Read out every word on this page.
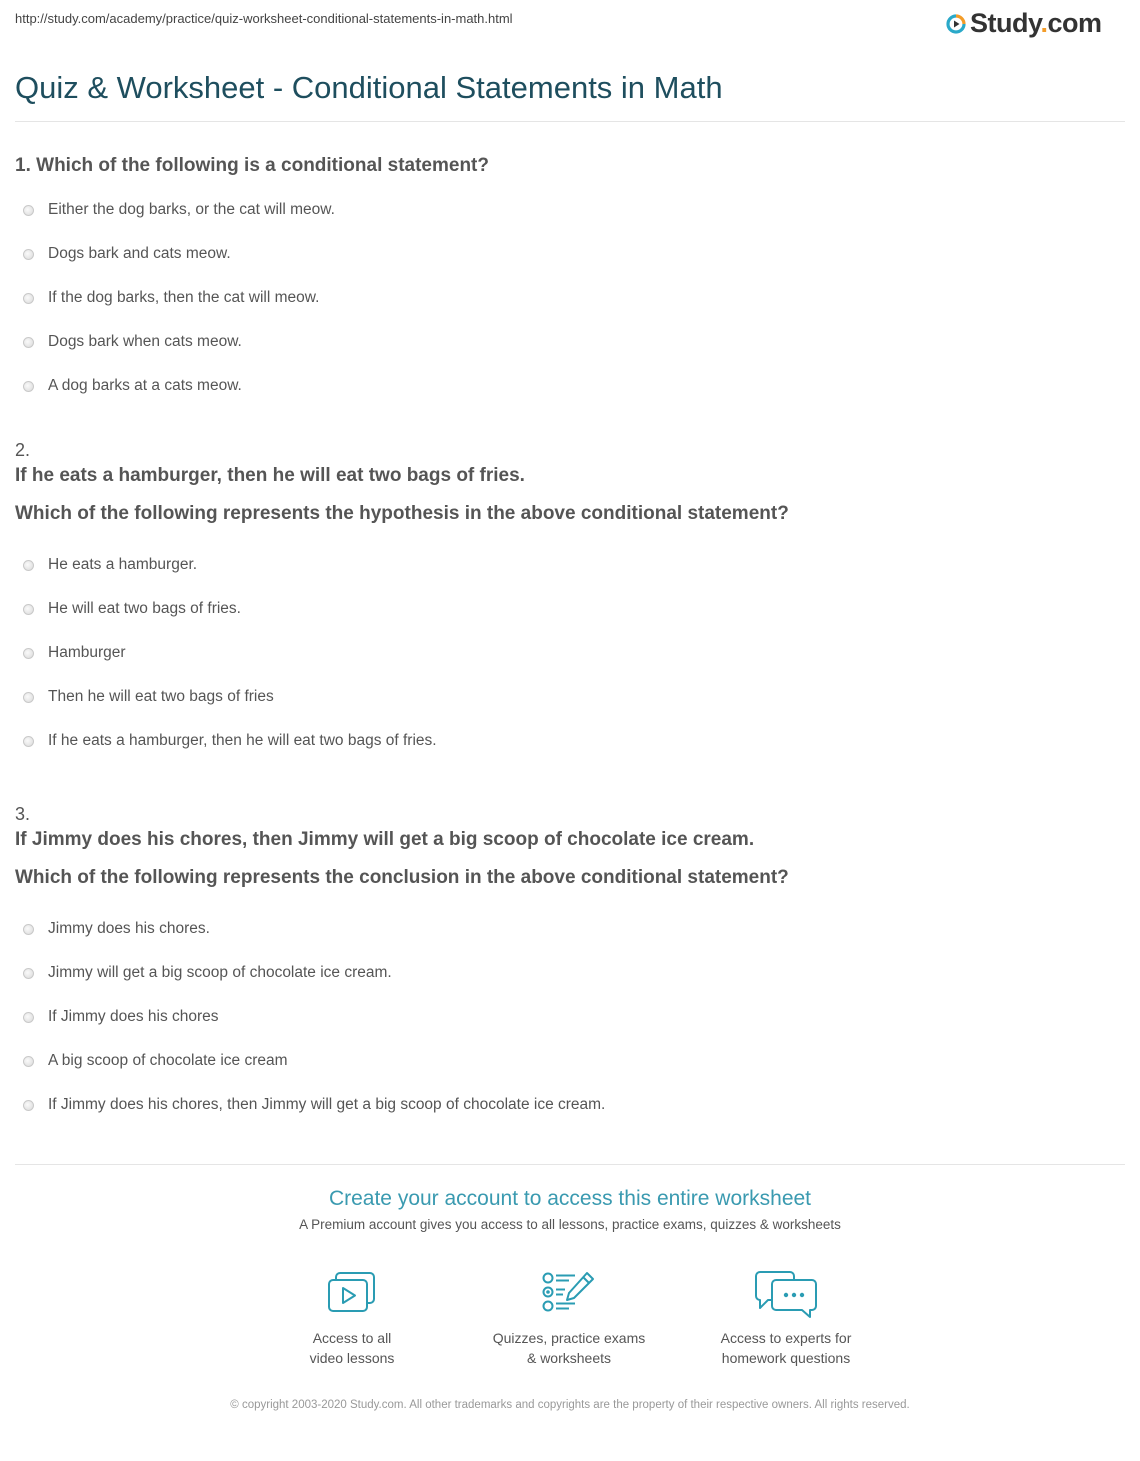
http://study.com/academy/practice/quiz-worksheet-conditional-statements-in-math.html	Study.com
Quiz & Worksheet - Conditional Statements in Math
1. Which of the following is a conditional statement?
Either the dog barks, or the cat will meow.
Dogs bark and cats meow.
If the dog barks, then the cat will meow.
Dogs bark when cats meow.
A dog barks at a cats meow.
2.
If he eats a hamburger, then he will eat two bags of fries.
Which of the following represents the hypothesis in the above conditional statement?
He eats a hamburger.
He will eat two bags of fries.
Hamburger
Then he will eat two bags of fries
If he eats a hamburger, then he will eat two bags of fries.
3.
If Jimmy does his chores, then Jimmy will get a big scoop of chocolate ice cream.
Which of the following represents the conclusion in the above conditional statement?
Jimmy does his chores.
Jimmy will get a big scoop of chocolate ice cream.
If Jimmy does his chores
A big scoop of chocolate ice cream
If Jimmy does his chores, then Jimmy will get a big scoop of chocolate ice cream.
Create your account to access this entire worksheet
A Premium account gives you access to all lessons, practice exams, quizzes & worksheets
Access to all
video lessons
Quizzes, practice exams
& worksheets
Access to experts for
homework questions
© copyright 2003-2020 Study.com. All other trademarks and copyrights are the property of their respective owners. All rights reserved.
